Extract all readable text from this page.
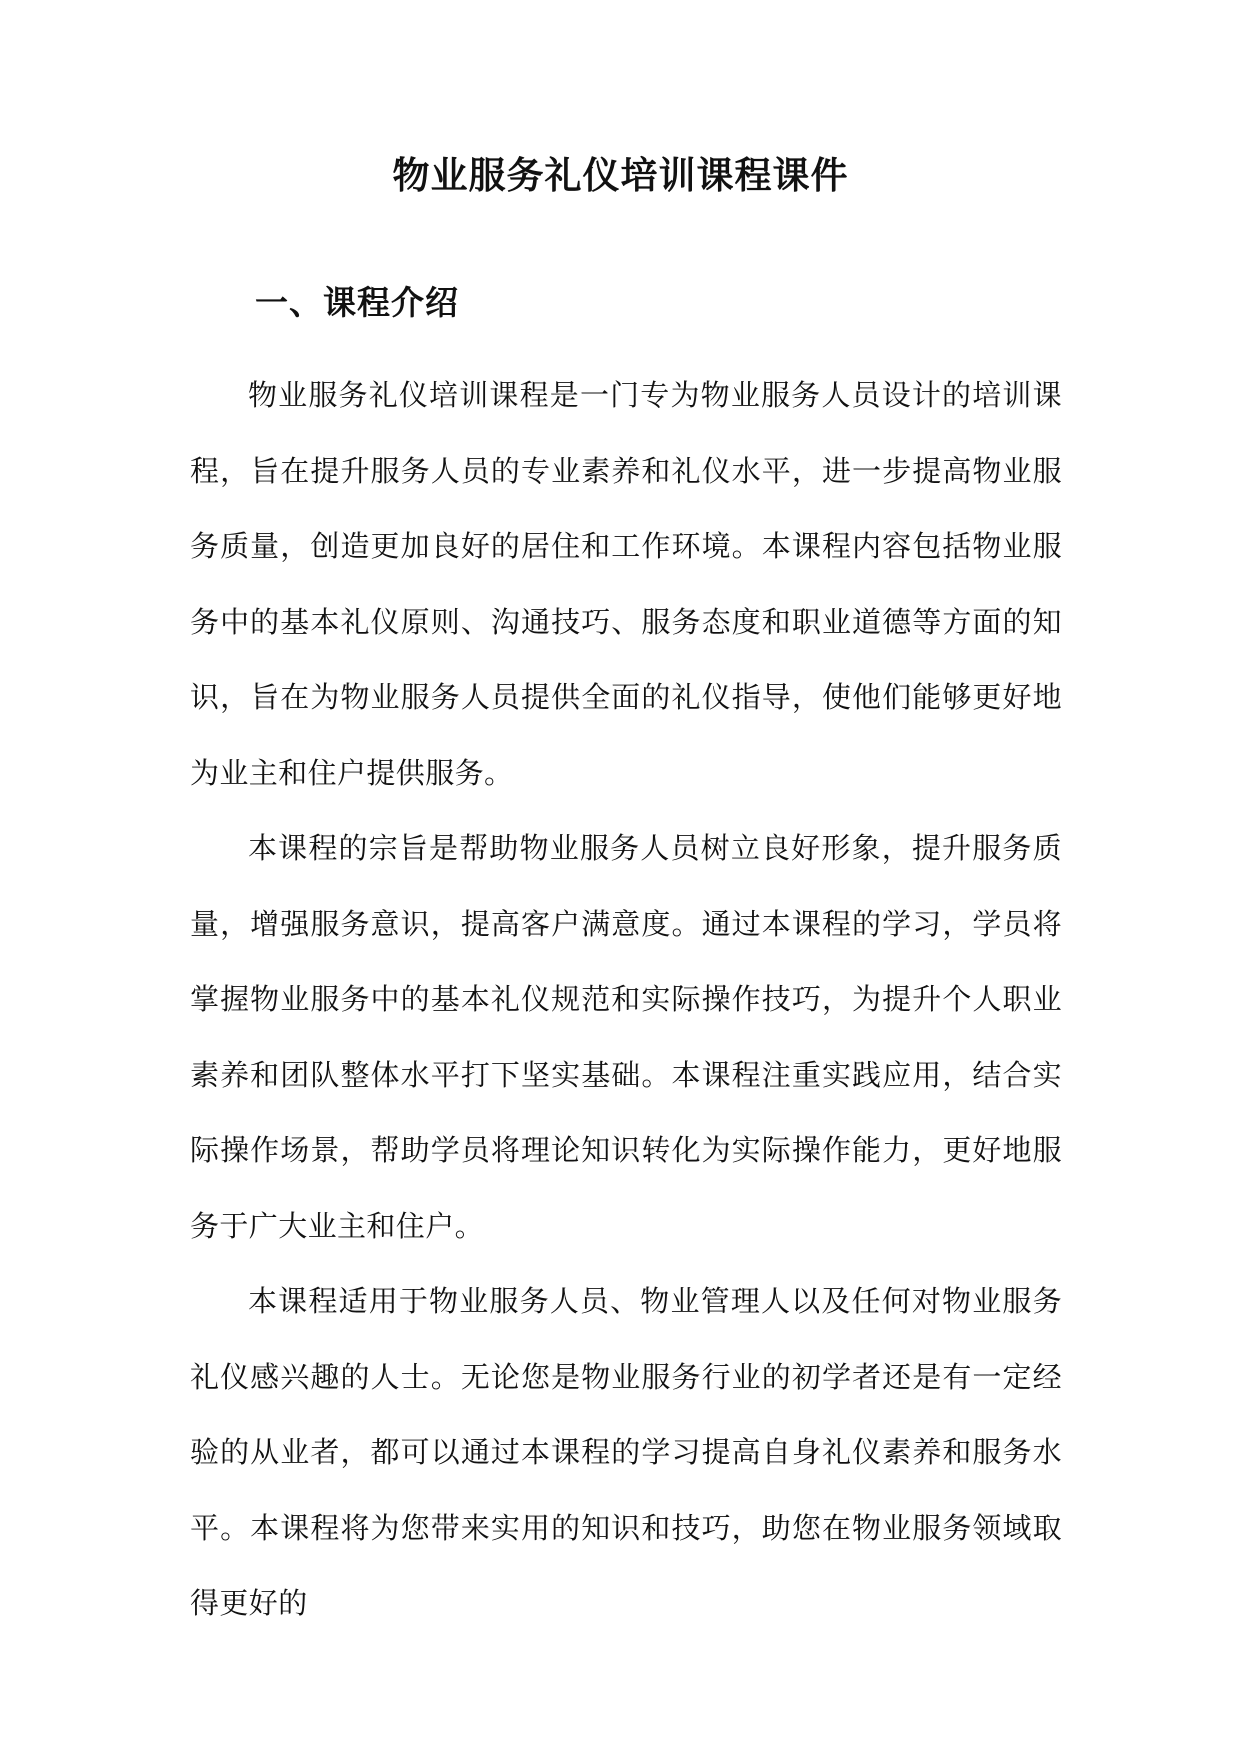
物业服务礼仪培训课程课件
一、课程介绍

物业服务礼仪培训课程是一门专为物业服务人员设计的培训课程，旨在提升服务人员的专业素养和礼仪水平，进一步提高物业服务质量，创造更加良好的居住和工作环境。本课程内容包括物业服务中的基本礼仪原则、沟通技巧、服务态度和职业道德等方面的知识，旨在为物业服务人员提供全面的礼仪指导，使他们能够更好地为业主和住户提供服务。

本课程的宗旨是帮助物业服务人员树立良好形象，提升服务质量，增强服务意识，提高客户满意度。通过本课程的学习，学员将掌握物业服务中的基本礼仪规范和实际操作技巧，为提升个人职业素养和团队整体水平打下坚实基础。本课程注重实践应用，结合实际操作场景，帮助学员将理论知识转化为实际操作能力，更好地服务于广大业主和住户。

本课程适用于物业服务人员、物业管理人以及任何对物业服务礼仪感兴趣的人士。无论您是物业服务行业的初学者还是有一定经验的从业者，都可以通过本课程的学习提高自身礼仪素养和服务水平。本课程将为您带来实用的知识和技巧，助您在物业服务领域取得更好的
